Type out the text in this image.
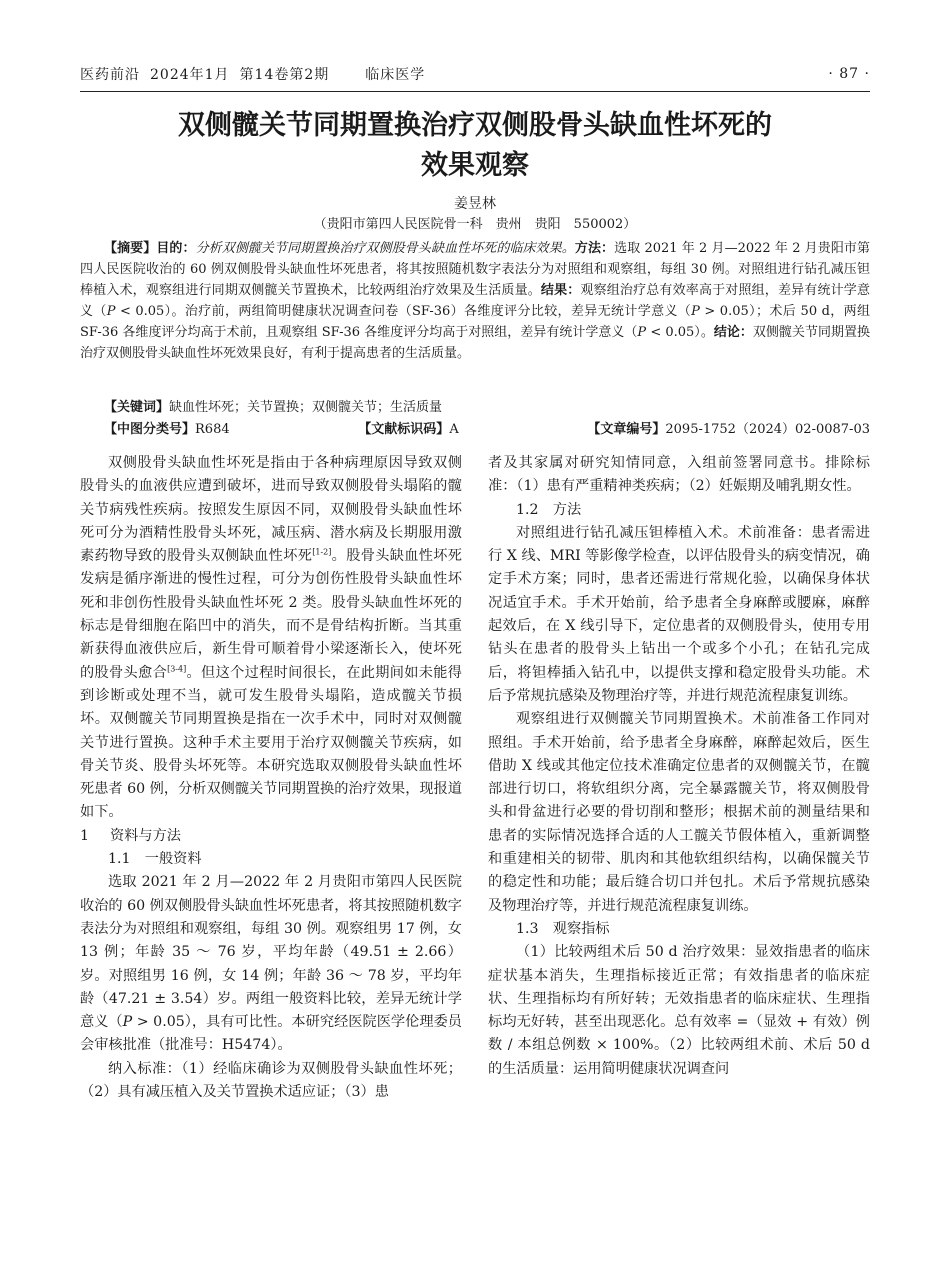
医药前沿 2024年1月 第14卷第2期	临床医学	· 87 ·
双侧髋关节同期置换治疗双侧股骨头缺血性坏死的
效果观察
姜昱林
（贵阳市第四人民医院骨一科　贵州　贵阳　550002）
【摘要】目的：分析双侧髋关节同期置换治疗双侧股骨头缺血性坏死的临床效果。方法：选取 2021 年 2 月—2022 年 2 月贵阳市第四人民医院收治的 60 例双侧股骨头缺血性坏死患者，将其按照随机数字表法分为对照组和观察组，每组 30 例。对照组进行钻孔减压钽棒植入术，观察组进行同期双侧髋关节置换术，比较两组治疗效果及生活质量。结果：观察组治疗总有效率高于对照组，差异有统计学意义（P < 0.05）。治疗前，两组简明健康状况调查问卷（SF-36）各维度评分比较，差异无统计学意义（P > 0.05）；术后 50 d，两组 SF-36 各维度评分均高于术前，且观察组 SF-36 各维度评分均高于对照组，差异有统计学意义（P < 0.05）。结论：双侧髋关节同期置换治疗双侧股骨头缺血性坏死效果良好，有利于提高患者的生活质量。
【关键词】缺血性坏死；关节置换；双侧髋关节；生活质量
【中图分类号】R684	【文献标识码】A	【文章编号】2095-1752（2024）02-0087-03

双侧股骨头缺血性坏死是指由于各种病理原因导致双侧股骨头的血液供应遭到破坏，进而导致双侧股骨头塌陷的髋关节病残性疾病。按照发生原因不同，双侧股骨头缺血性坏死可分为酒精性股骨头坏死，减压病、潜水病及长期服用激素药物导致的股骨头双侧缺血性坏死[1-2]。股骨头缺血性坏死发病是循序渐进的慢性过程，可分为创伤性股骨头缺血性坏死和非创伤性股骨头缺血性坏死 2 类。股骨头缺血性坏死的标志是骨细胞在陷凹中的消失，而不是骨结构折断。当其重新获得血液供应后，新生骨可顺着骨小梁逐渐长入，使坏死的股骨头愈合[3-4]。但这个过程时间很长，在此期间如未能得到诊断或处理不当，就可发生股骨头塌陷，造成髋关节损坏。双侧髋关节同期置换是指在一次手术中，同时对双侧髋关节进行置换。这种手术主要用于治疗双侧髋关节疾病，如骨关节炎、股骨头坏死等。本研究选取双侧股骨头缺血性坏死患者 60 例，分析双侧髋关节同期置换的治疗效果，现报道如下。

1 资料与方法

1.1　一般资料

选取 2021 年 2 月—2022 年 2 月贵阳市第四人民医院收治的 60 例双侧股骨头缺血性坏死患者，将其按照随机数字表法分为对照组和观察组，每组 30 例。观察组男 17 例，女 13 例；年龄 35 ～ 76 岁，平均年龄（49.51 ± 2.66）岁。对照组男 16 例，女 14 例；年龄 36 ～ 78 岁，平均年龄（47.21 ± 3.54）岁。两组一般资料比较，差异无统计学意义（P > 0.05），具有可比性。本研究经医院医学伦理委员会审核批准（批准号：H5474）。

纳入标准：（1）经临床确诊为双侧股骨头缺血性坏死；（2）具有减压植入及关节置换术适应证；（3）患

者及其家属对研究知情同意，入组前签署同意书。排除标准：（1）患有严重精神类疾病；（2）妊娠期及哺乳期女性。

1.2　方法

对照组进行钻孔减压钽棒植入术。术前准备：患者需进行 X 线、MRI 等影像学检查，以评估股骨头的病变情况，确定手术方案；同时，患者还需进行常规化验，以确保身体状况适宜手术。手术开始前，给予患者全身麻醉或腰麻，麻醉起效后，在 X 线引导下，定位患者的双侧股骨头，使用专用钻头在患者的股骨头上钻出一个或多个小孔；在钻孔完成后，将钽棒插入钻孔中，以提供支撑和稳定股骨头功能。术后予常规抗感染及物理治疗等，并进行规范流程康复训练。

观察组进行双侧髋关节同期置换术。术前准备工作同对照组。手术开始前，给予患者全身麻醉，麻醉起效后，医生借助 X 线或其他定位技术准确定位患者的双侧髋关节，在髋部进行切口，将软组织分离，完全暴露髋关节，将双侧股骨头和骨盆进行必要的骨切削和整形；根据术前的测量结果和患者的实际情况选择合适的人工髋关节假体植入，重新调整和重建相关的韧带、肌肉和其他软组织结构，以确保髋关节的稳定性和功能；最后缝合切口并包扎。术后予常规抗感染及物理治疗等，并进行规范流程康复训练。

1.3　观察指标

（1）比较两组术后 50 d 治疗效果：显效指患者的临床症状基本消失，生理指标接近正常；有效指患者的临床症状、生理指标均有所好转；无效指患者的临床症状、生理指标均无好转，甚至出现恶化。总有效率 =（显效 + 有效）例数 / 本组总例数 × 100%。（2）比较两组术前、术后 50 d 的生活质量：运用简明健康状况调查问
